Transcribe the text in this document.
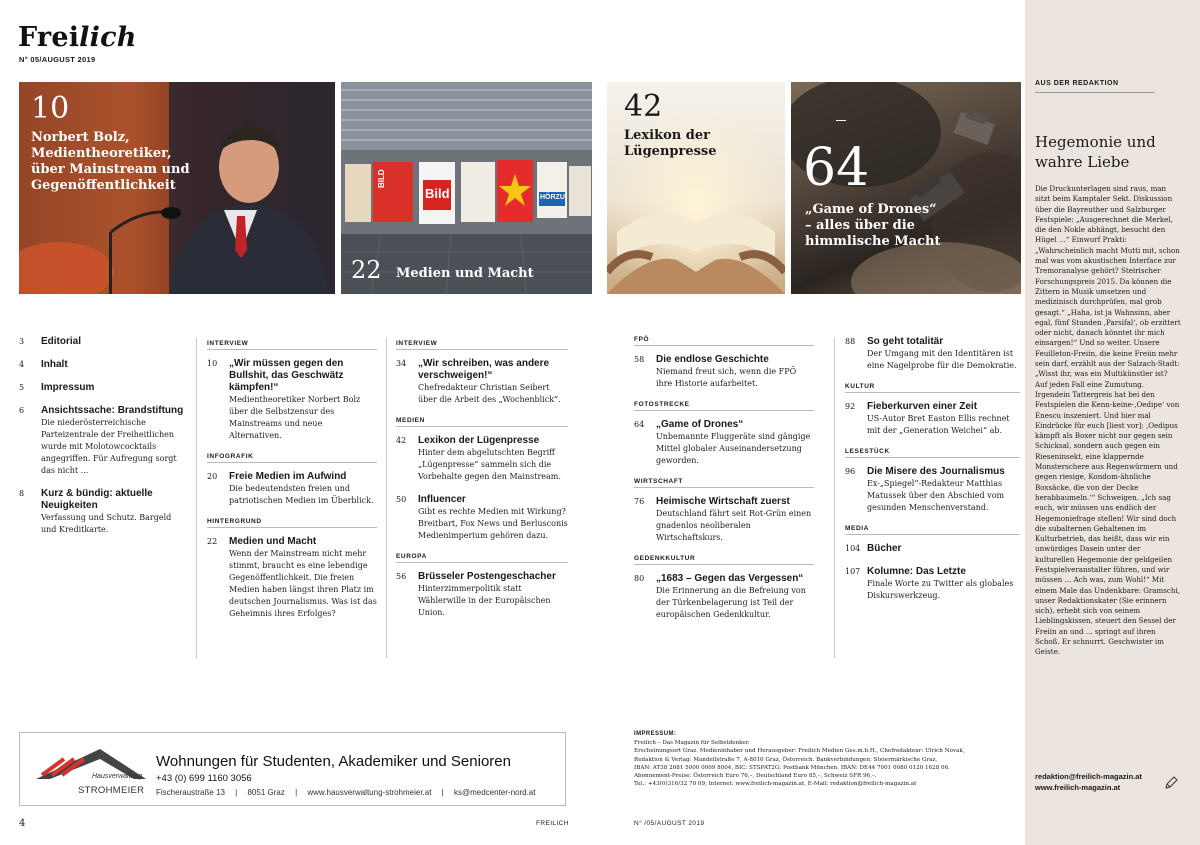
Freilich
N° 05/AUGUST 2019
10
Norbert Bolz, Medientheoretiker, über Mainstream und Gegenöffentlichkeit	BILD
Bild	HÖRZU
22 Medien und Macht
42
Lexikon der Lügenpresse	64
„Game of Drones“ – alles über die himmlische Macht
3 Editorial
4 Inhalt
5 Impressum
6 Ansichtssache: Brandstiftung
Die niederösterreichische Parteizentrale der Freiheitlichen wurde mit Molotowcocktails angegriffen. Für Aufregung sorgt das nicht ...
8 Kurz & bündig: aktuelle Neuigkeiten
Verfassung und Schutz. Bargeld und Kreditkarte.
INTERVIEW
10 „Wir müssen gegen den Bullshit, das Geschwätz kämpfen!“
Medientheoretiker Norbert Bolz über die Selbstzensur des Mainstreams und neue Alternativen.
INFOGRAFIK
20 Freie Medien im Aufwind
Die bedeutendsten freien und patriotischen Medien im Überblick.
HINTERGRUND
22 Medien und Macht
Wenn der Mainstream nicht mehr stimmt, braucht es eine lebendige Gegenöffentlichkeit. Die freien Medien haben längst ihren Platz im deutschen Journalismus. Was ist das Geheimnis ihres Erfolges?
INTERVIEW
34 „Wir schreiben, was andere verschweigen!“
Chefredakteur Christian Seibert über die Arbeit des „Wochenblick“.
MEDIEN
42 Lexikon der Lügenpresse
Hinter dem abgelutschten Begriff „Lügenpresse“ sammeln sich die Vorbehalte gegen den Mainstream.
50 Influencer
Gibt es rechte Medien mit Wirkung? Breitbart, Fox News und Berlusconis Medienimperium gehören dazu.
EUROPA
56 Brüsseler Postengeschacher
Hinterzimmerpolitik statt Wählerwille in der Europäischen Union.
FPÖ
58 Die endlose Geschichte
Niemand freut sich, wenn die FPÖ ihre Historie aufarbeitet.
FOTOSTRECKE
64 „Game of Drones“
Unbemannte Fluggeräte sind gängige Mittel globaler Auseinandersetzung geworden.
WIRTSCHAFT
76 Heimische Wirtschaft zuerst
Deutschland fährt seit Rot-Grün einen gnadenlos neoliberalen Wirtschaftskurs.
GEDENKKULTUR
80 „1683 – Gegen das Vergessen“
Die Erinnerung an die Befreiung von der Türkenbelagerung ist Teil der europäischen Gedenkkultur.
88 So geht totalitär
Der Umgang mit den Identitären ist eine Nagelprobe für die Demokratie.
KULTUR
92 Fieberkurven einer Zeit
US-Autor Bret Easton Ellis rechnet mit der „Generation Weichei“ ab.
LESESTÜCK
96 Die Misere des Journalismus
Ex-„Spiegel“-Redakteur Matthias Matussek über den Abschied vom gesunden Menschenverstand.
MEDIA
104 Bücher
107 Kolumne: Das Letzte
Finale Worte zu Twitter als globales Diskurswerkzeug.
Hausverwaltung
STROHMEIER
Wohnungen für Studenten, Akademiker und Senioren
+43 (0) 699 1160 3056
Fischeraustraße 13 | 8051 Graz | www.hausverwaltung-strohmeier.at | ks@medcenter-nord.at
IMPRESSUM:
Freilich – Das Magazin für Selbstdenker.
Erscheinungsort Graz. Medieninhaber und Herausgeber: Freilich Medien Ges.m.b.H., Chefredakteur: Ulrich Novak,
Redaktion & Verlag: Mandellstraße 7, A-8010 Graz, Österreich. Bankverbindungen: Steiermärkische Graz,
IBAN: AT38 2081 5000 0009 8004, BIC: STSPAT2G; Postbank München, IBAN: DE44 7001 0080 0120 1628 06.
Abonnement-Preise: Österreich Euro 76,–, Deutschland Euro 85,–, Schweiz SFR 96,–.
Tel.: +43(0)316/32 70 09, Internet: www.freilich-magazin.at, E-Mail: redaktion@freilich-magazin.at
4	FREILICH	N° /05/AUGUST 2019
AUS DER REDAKTION
Hegemonie und wahre Liebe
Die Druckunterlagen sind raus, man sitzt beim Kamptaler Sekt. Diskussion über die Bayreuther und Salzburger Festspiele: „Ausgerechnet die Merkel, die den Nokle abhängt, besucht den Hügel ...“ Einwurf Prakti: „Wahrscheinlich macht Mutti mit, schon mal was vom akustischen Interface zur Tremoranalyse gehört? Steirischer Forschungspreis 2015. Da können die Zittern in Musik umsetzen und medizinisch durchprüfen, mal grob gesagt.“ „Haha, ist ja Wahnsinn, aber egal, fünf Stunden ‚Parsifal‘, ob erzittert oder nicht, danach könntet ihr mich einsargen!“ Und so weiter. Unsere Feuilleton-Freiin, die keine Freiin mehr sein darf, erzählt aus der Salzach-Stadt: „Wisst ihr, was ein Multikünstler ist? Auf jeden Fall eine Zumutung. Irgendein Tattergreis hat bei den Festspielen die Kenn-keine-‚Oedipe‘ von Enescu inszeniert. Und hier mal Eindrücke für euch [liest vor]: ‚Oedipus kämpft als Boxer nicht nur gegen sein Schicksal, sondern auch gegen ein Rieseninsekt, eine klappernde Monsterschere aus Regenwürmern und gegen riesige, Kondom-ähnliche Boxsäcke, die von der Decke herabbaumeln.‘“ Schweigen. „Ich sag euch, wir müssen uns endlich der Hegemoniefrage stellen! Wir sind doch die subalternen Gehaltenen im Kulturbetrieb, das heißt, dass wir ein unwürdiges Dasein unter der kulturellen Hegemonie der geldgeilen Festspielveranstalter führen, und wir müssen ... Ach was, zum Wohl!“ Mit einem Male das Undenkbare: Gramschi, unser Redaktionskater (Sie erinnern sich), erhebt sich von seinem Lieblingskissen, steuert den Sessel der Freiin an und ... springt auf ihren Schoß. Er schnurrt. Geschwister im Geiste.
redaktion@freilich-magazin.at
www.freilich-magazin.at
